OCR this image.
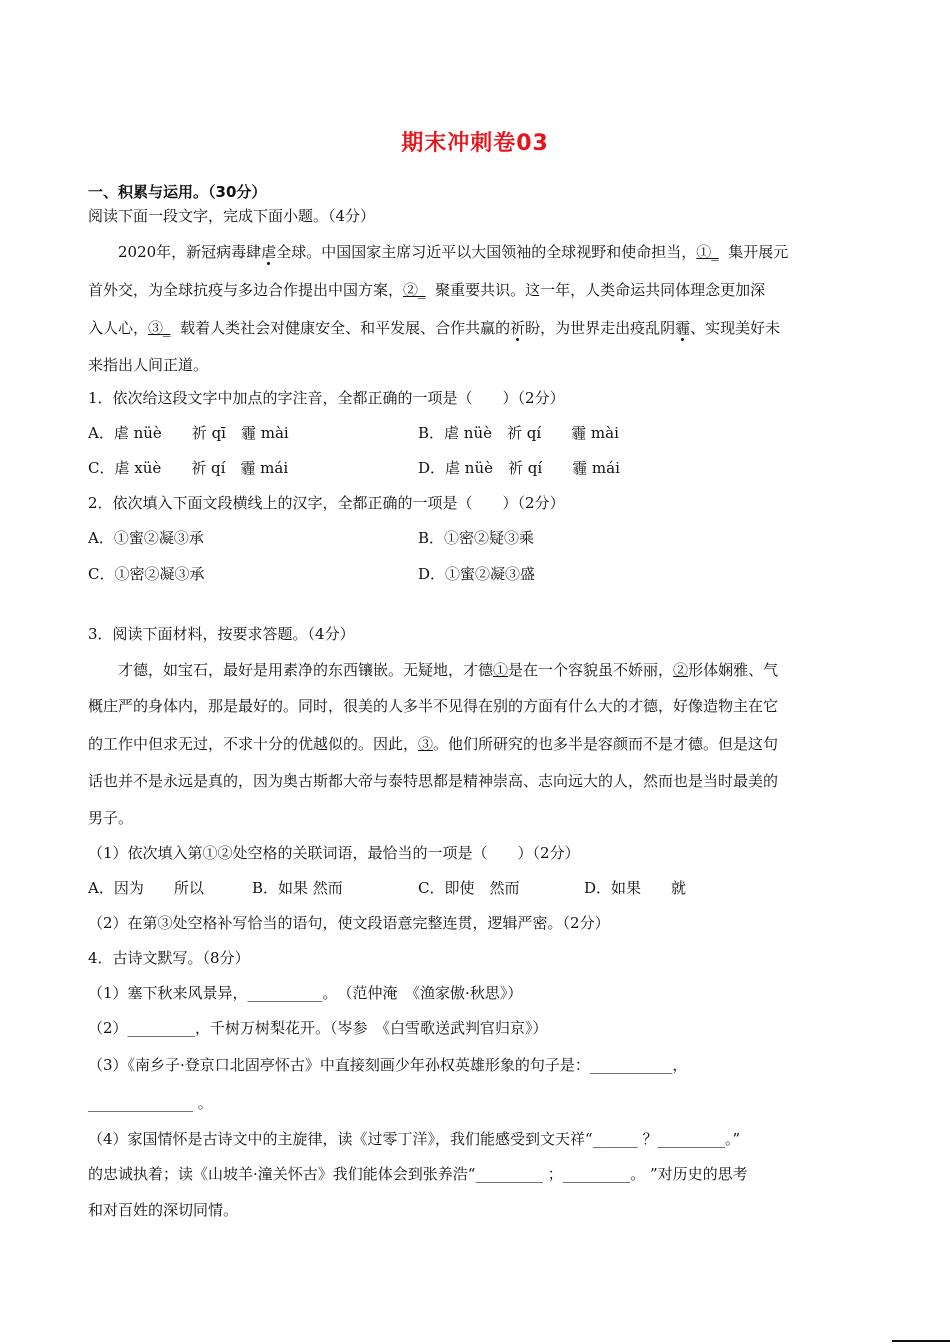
期末冲刺卷03
一、积累与运用。（30分）
阅读下面一段文字，完成下面小题。（4分）
2020年，新冠病毒肆虐全球。中国国家主席习近平以大国领袖的全球视野和使命担当，①_ 集开展元
首外交，为全球抗疫与多边合作提出中国方案，②_ 聚重要共识。这一年，人类命运共同体理念更加深
入人心，③_ 载着人类社会对健康安全、和平发展、合作共赢的祈盼，为世界走出疫乱阴霾、实现美好未
来指出人间正道。
1．依次给这段文字中加点的字注音，全都正确的一项是（　　）（2分）
A．虐 nüè　　祈 qī　霾 mài	B．虐 nüè　祈 qí　　霾 mài
C．虐 xüè　　祈 qí　霾 mái	D．虐 nüè　祈 qí　　霾 mái
2．依次填入下面文段横线上的汉字，全都正确的一项是（　　）（2分）
A．①蜜②凝③承	B．①密②疑③乘
C．①密②凝③承	D．①蜜②凝③盛
3．阅读下面材料，按要求答题。（4分）
才德，如宝石，最好是用素净的东西镶嵌。无疑地，才德①是在一个容貌虽不娇丽，②形体娴雅、气
概庄严的身体内，那是最好的。同时，很美的人多半不见得在别的方面有什么大的才德，好像造物主在它
的工作中但求无过，不求十分的优越似的。因此，③。他们所研究的也多半是容颜而不是才德。但是这句
话也并不是永远是真的，因为奥古斯都大帝与泰特思都是精神崇高、志向远大的人，然而也是当时最美的
男子。
（1）依次填入第①②处空格的关联词语，最恰当的一项是（　　）（2分）
A．因为　　所以	B．如果 然而	C．即使　然而	D．如果　　就
（2）在第③处空格补写恰当的语句，使文段语意完整连贯，逻辑严密。（2分）
4．古诗文默写。（8分）
（1）塞下秋来风景异，__________。　（范仲淹　《渔家傲·秋思》）
（2）_________，千树万树梨花开。（岑参　《白雪歌送武判官归京》）
（3）《南乡子·登京口北固亭怀古》中直接刻画少年孙权英雄形象的句子是：___________，
______________ 。
（4）家国情怀是古诗文中的主旋律，读《过零丁洋》，我们能感受到文天祥“______ ？_________。”
的忠诚执着；读《山坡羊·潼关怀古》我们能体会到张养浩“_________ ；_________。 ”对历史的思考
和对百姓的深切同情。
